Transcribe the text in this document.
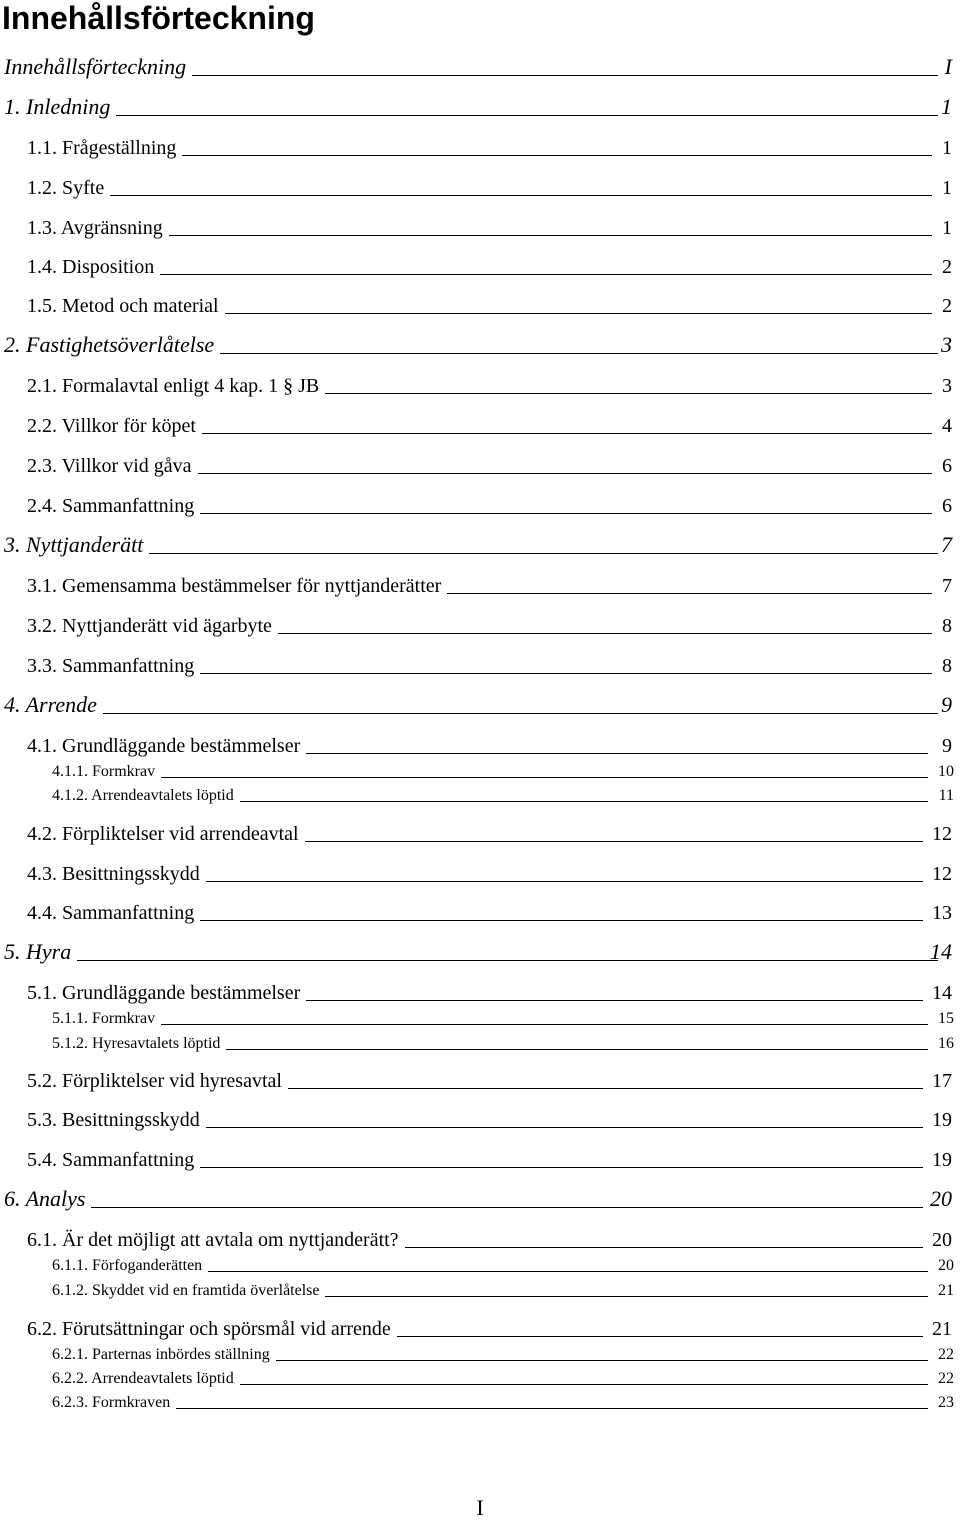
Innehållsförteckning
Innehållsförteckning	I
1. Inledning	1
1.1. Frågeställning	1
1.2. Syfte	1
1.3. Avgränsning	1
1.4. Disposition	2
1.5. Metod och material	2
2. Fastighetsöverlåtelse	3
2.1. Formalavtal enligt 4 kap. 1 § JB	3
2.2. Villkor för köpet	4
2.3. Villkor vid gåva	6
2.4. Sammanfattning	6
3. Nyttjanderätt	7
3.1. Gemensamma bestämmelser för nyttjanderätter	7
3.2. Nyttjanderätt vid ägarbyte	8
3.3. Sammanfattning	8
4. Arrende	9
4.1. Grundläggande bestämmelser	9
4.1.1. Formkrav	10
4.1.2. Arrendeavtalets löptid	11
4.2. Förpliktelser vid arrendeavtal	12
4.3. Besittningsskydd	12
4.4. Sammanfattning	13
5. Hyra	14
5.1. Grundläggande bestämmelser	14
5.1.1. Formkrav	15
5.1.2. Hyresavtalets löptid	16
5.2. Förpliktelser vid hyresavtal	17
5.3. Besittningsskydd	19
5.4. Sammanfattning	19
6. Analys	20
6.1. Är det möjligt att avtala om nyttjanderätt?	20
6.1.1. Förfoganderätten	20
6.1.2. Skyddet vid en framtida överlåtelse	21
6.2. Förutsättningar och spörsmål vid arrende	21
6.2.1. Parternas inbördes ställning	22
6.2.2. Arrendeavtalets löptid	22
6.2.3. Formkraven	23
I
